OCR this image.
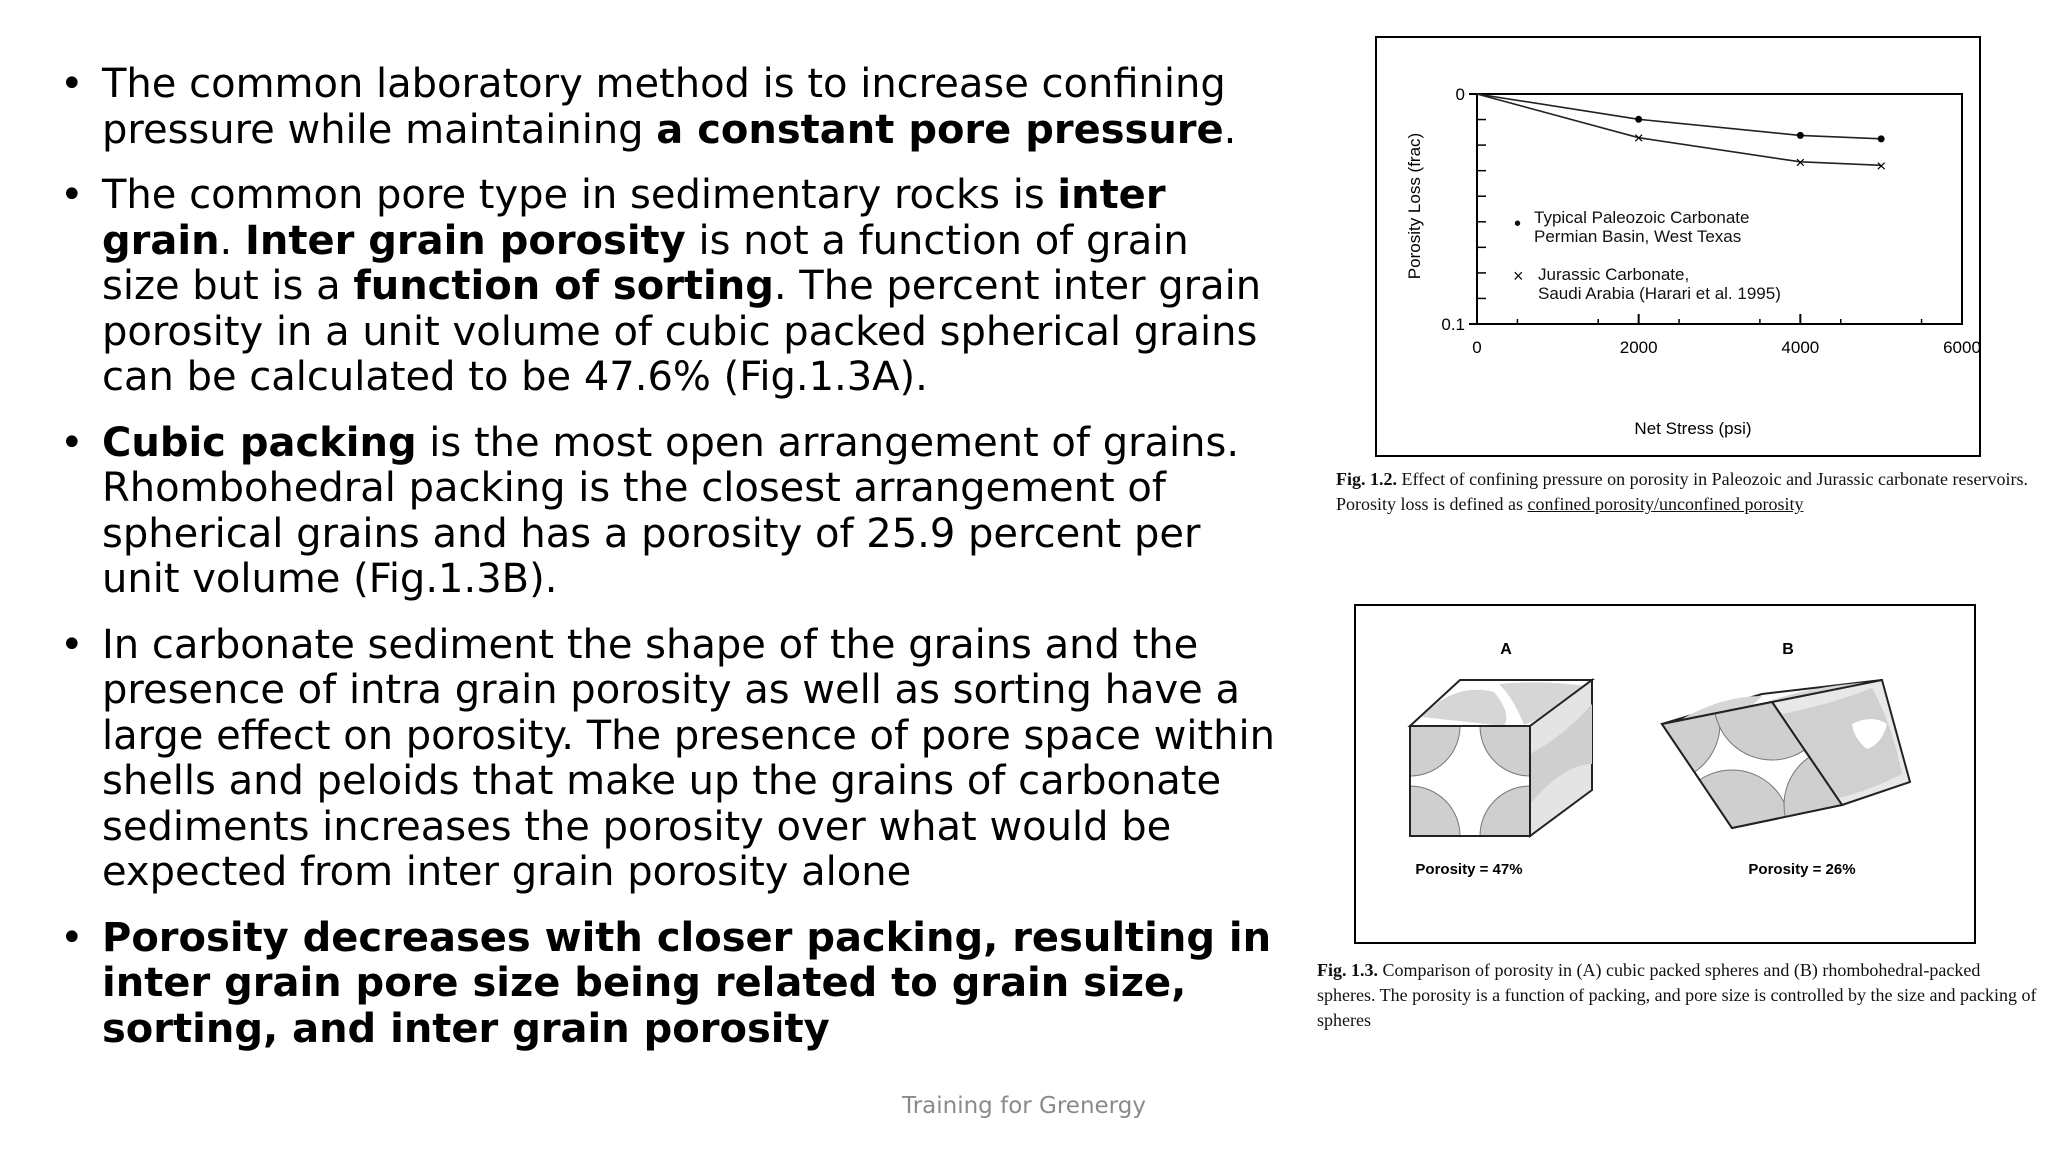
• The common laboratory method is to increase confining pressure while maintaining a constant pore pressure.
• The common pore type in sedimentary rocks is inter grain. Inter grain porosity is not a function of grain size but is a function of sorting. The percent inter grain porosity in a unit volume of cubic packed spherical grains can be calculated to be 47.6% (Fig.1.3A).
• Cubic packing is the most open arrangement of grains. Rhombohedral packing is the closest arrangement of spherical grains and has a porosity of 25.9 percent per unit volume (Fig.1.3B).
• In carbonate sediment the shape of the grains and the presence of intra grain porosity as well as sorting have a large effect on porosity. The presence of pore space within shells and peloids that make up the grains of carbonate sediments increases the porosity over what would be expected from inter grain porosity alone
• Porosity decreases with closer packing, resulting in inter grain pore size being related to grain size, sorting, and inter grain porosity
0	2000	4000	6000
0
0.1
×
×	×
• Typical Paleozoic Carbonate
Permian Basin, West Texas
× Jurassic Carbonate,
Saudi Arabia (Harari et al. 1995)
Net Stress (psi)
Porosity Loss (frac)
Fig. 1.2. Effect of confining pressure on porosity in Paleozoic and Jurassic carbonate reservoirs. Porosity loss is defined as confined porosity/unconfined porosity
A	B
Porosity = 47%	Porosity = 26%
Fig. 1.3. Comparison of porosity in (A) cubic packed spheres and (B) rhombohedral-packed spheres. The porosity is a function of packing, and pore size is controlled by the size and packing of spheres
Training for Grenergy
